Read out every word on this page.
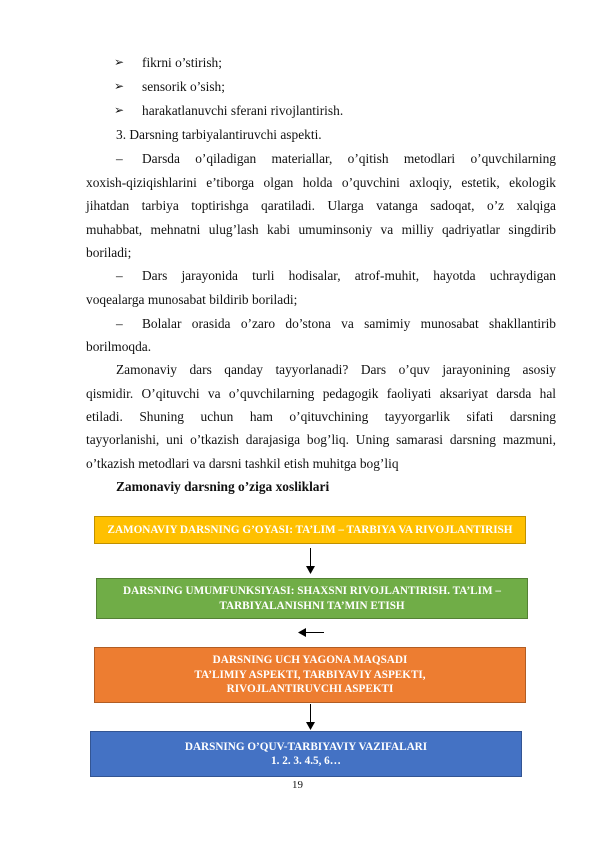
➢	fikrni o’stirish;
➢	sensorik o’sish;
➢	harakatlanuvchi sferani rivojlantirish.
3. Darsning tarbiyalantiruvchi aspekti.
– Darsda o’qiladigan materiallar, o’qitish metodlari o’quvchilarning
xoxish-qiziqishlarini e’tiborga olgan holda o’quvchini axloqiy, estetik, ekologik
jihatdan tarbiya toptirishga qaratiladi. Ularga vatanga sadoqat, o’z xalqiga
muhabbat, mehnatni ulug’lash kabi umuminsoniy va milliy qadriyatlar singdirib
boriladi;
– Dars jarayonida turli hodisalar, atrof-muhit, hayotda uchraydigan
voqealarga munosabat bildirib boriladi;
– Bolalar orasida o’zaro do’stona va samimiy munosabat shakllantirib
borilmoqda.
Zamonaviy dars qanday tayyorlanadi? Dars o’quv jarayonining asosiy
qismidir. O’qituvchi va o’quvchilarning pedagogik faoliyati aksariyat darsda hal
etiladi. Shuning uchun ham o’qituvchining tayyorgarlik sifati darsning
tayyorlanishi, uni o’tkazish darajasiga bog’liq. Uning samarasi darsning mazmuni,
o’tkazish metodlari va darsni tashkil etish muhitga bog’liq
Zamonaviy darsning o’ziga xosliklari
ZAMONAVIY DARSNING G’OYASI: TA’LIM – TARBIYA VA RIVOJLANTIRISH
DARSNING UMUMFUNKSIYASI: SHAXSNI RIVOJLANTIRISH. TA’LIM –
TARBIYALANISHNI TA’MIN ETISH
DARSNING UCH YAGONA MAQSADI
TA’LIMIY ASPEKTI, TARBIYAVIY ASPEKTI,
RIVOJLANTIRUVCHI ASPEKTI
DARSNING O’QUV-TARBIYAVIY VAZIFALARI
1. 2. 3. 4.5, 6…
19
